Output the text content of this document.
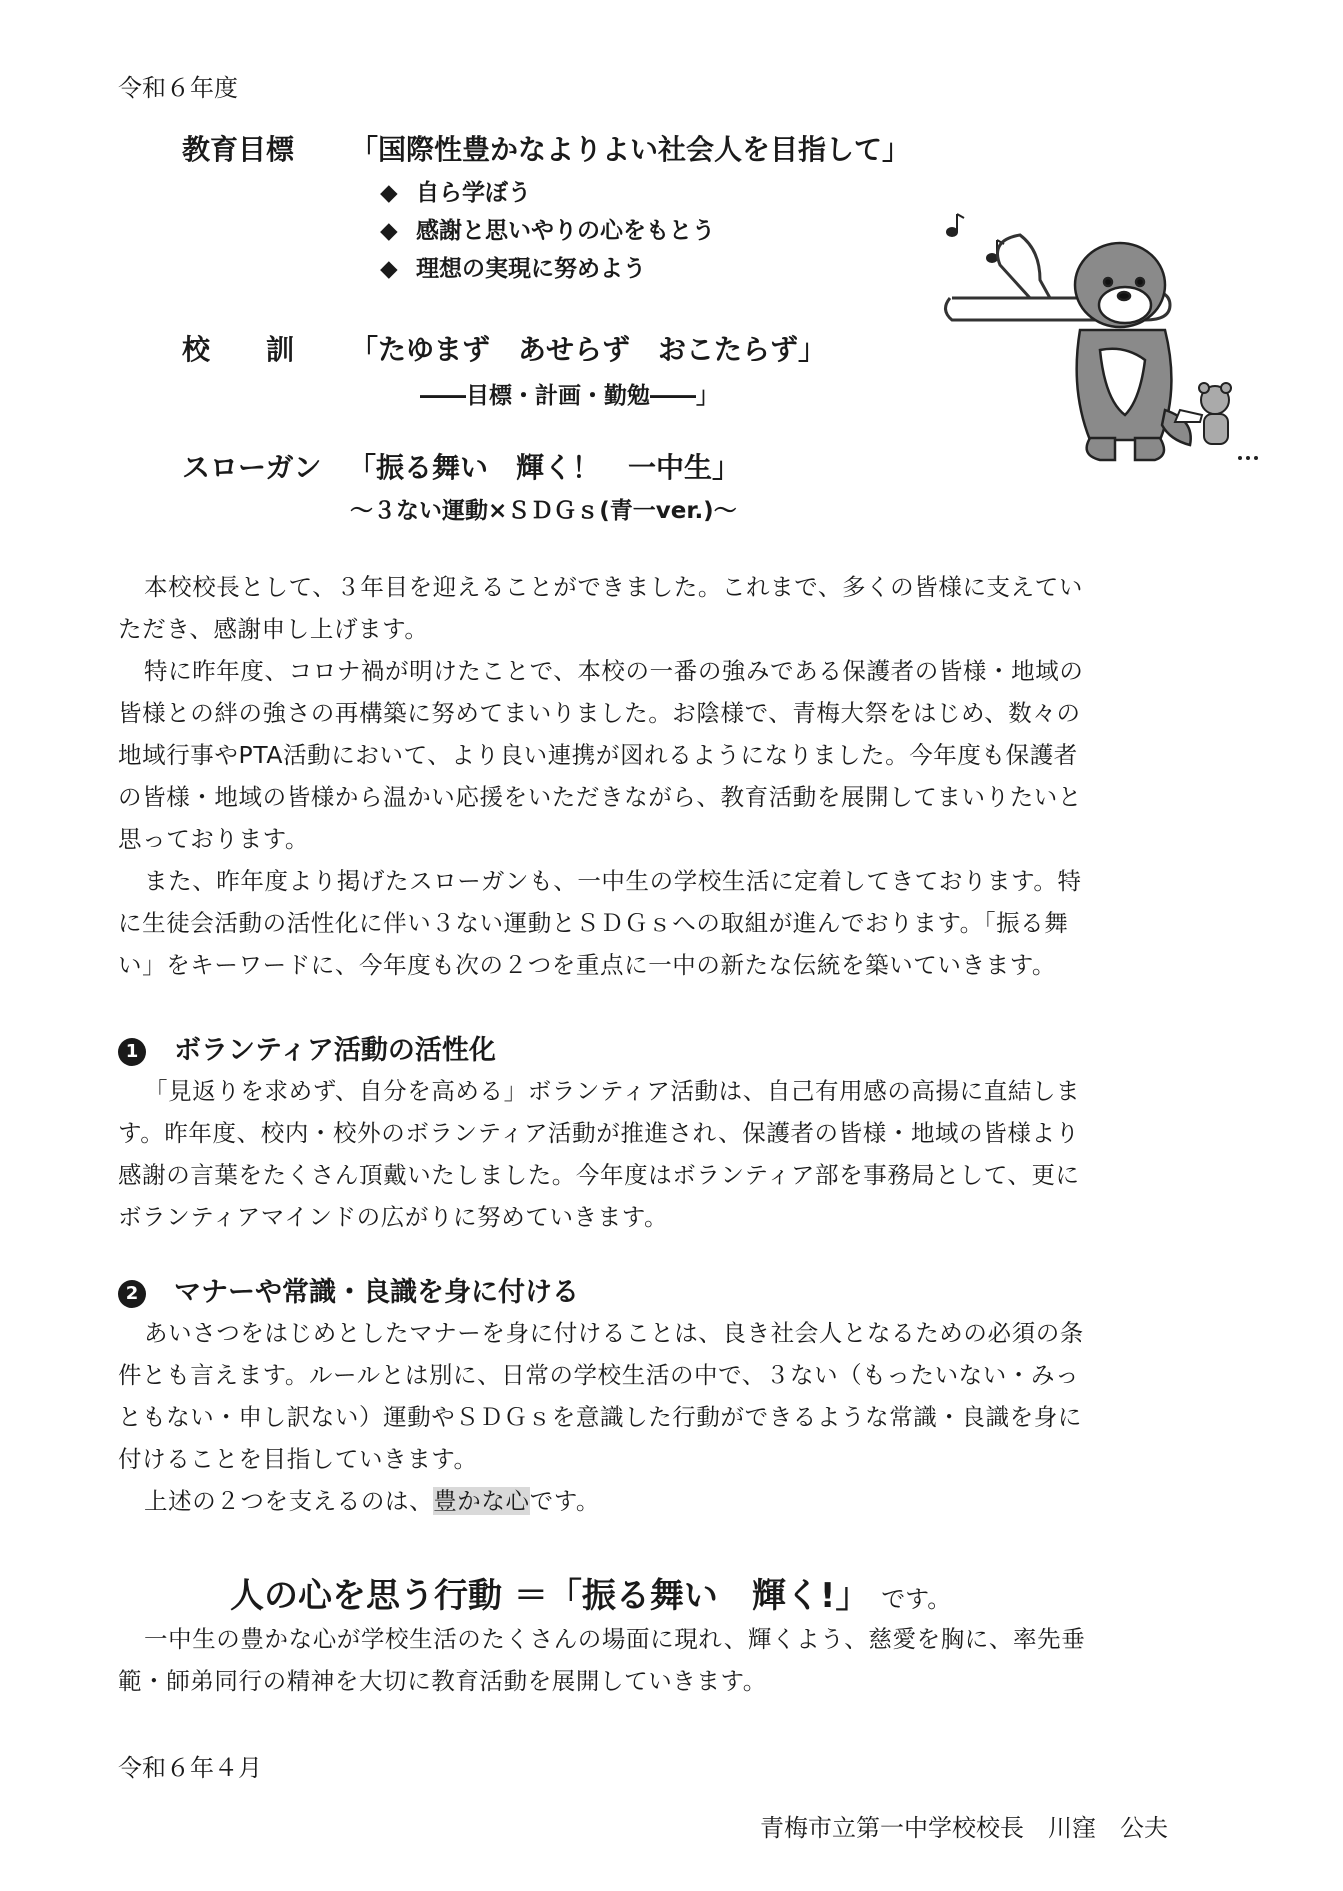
令和６年度
教育目標 「国際性豊かなよりよい社会人を目指して」
◆ 自ら学ぼう
◆ 感謝と思いやりの心をもとう
◆ 理想の実現に努めよう
校　　訓 「たゆまず　あせらず　おこたらず」
――目標・計画・勤勉――」
スローガン 「振る舞い　輝く！　一中生」
～３ない運動×ＳＤＧｓ(青一ver.)～
本校校長として、３年目を迎えることができました。これまで、多くの皆様に支えてい
ただき、感謝申し上げます。
特に昨年度、コロナ禍が明けたことで、本校の一番の強みである保護者の皆様・地域の
皆様との絆の強さの再構築に努めてまいりました。お陰様で、青梅大祭をはじめ、数々の
地域行事やPTA活動において、より良い連携が図れるようになりました。今年度も保護者
の皆様・地域の皆様から温かい応援をいただきながら、教育活動を展開してまいりたいと
思っております。
また、昨年度より掲げたスローガンも、一中生の学校生活に定着してきております。特
に生徒会活動の活性化に伴い３ない運動とＳＤＧｓへの取組が進んでおります。「振る舞
い」をキーワードに、今年度も次の２つを重点に一中の新たな伝統を築いていきます。
1 ボランティア活動の活性化
「見返りを求めず、自分を高める」ボランティア活動は、自己有用感の高揚に直結しま
す。昨年度、校内・校外のボランティア活動が推進され、保護者の皆様・地域の皆様より
感謝の言葉をたくさん頂戴いたしました。今年度はボランティア部を事務局として、更に
ボランティアマインドの広がりに努めていきます。
2 マナーや常識・良識を身に付ける
あいさつをはじめとしたマナーを身に付けることは、良き社会人となるための必須の条
件とも言えます。ルールとは別に、日常の学校生活の中で、３ない（もったいない・みっ
ともない・申し訳ない）運動やＳＤＧｓを意識した行動ができるような常識・良識を身に
付けることを目指していきます。
上述の２つを支えるのは、豊かな心です。
人の心を思う行動 ＝「振る舞い　輝く!」 です。
一中生の豊かな心が学校生活のたくさんの場面に現れ、輝くよう、慈愛を胸に、率先垂
範・師弟同行の精神を大切に教育活動を展開していきます。
令和６年４月
青梅市立第一中学校校長　川窪　公夫
